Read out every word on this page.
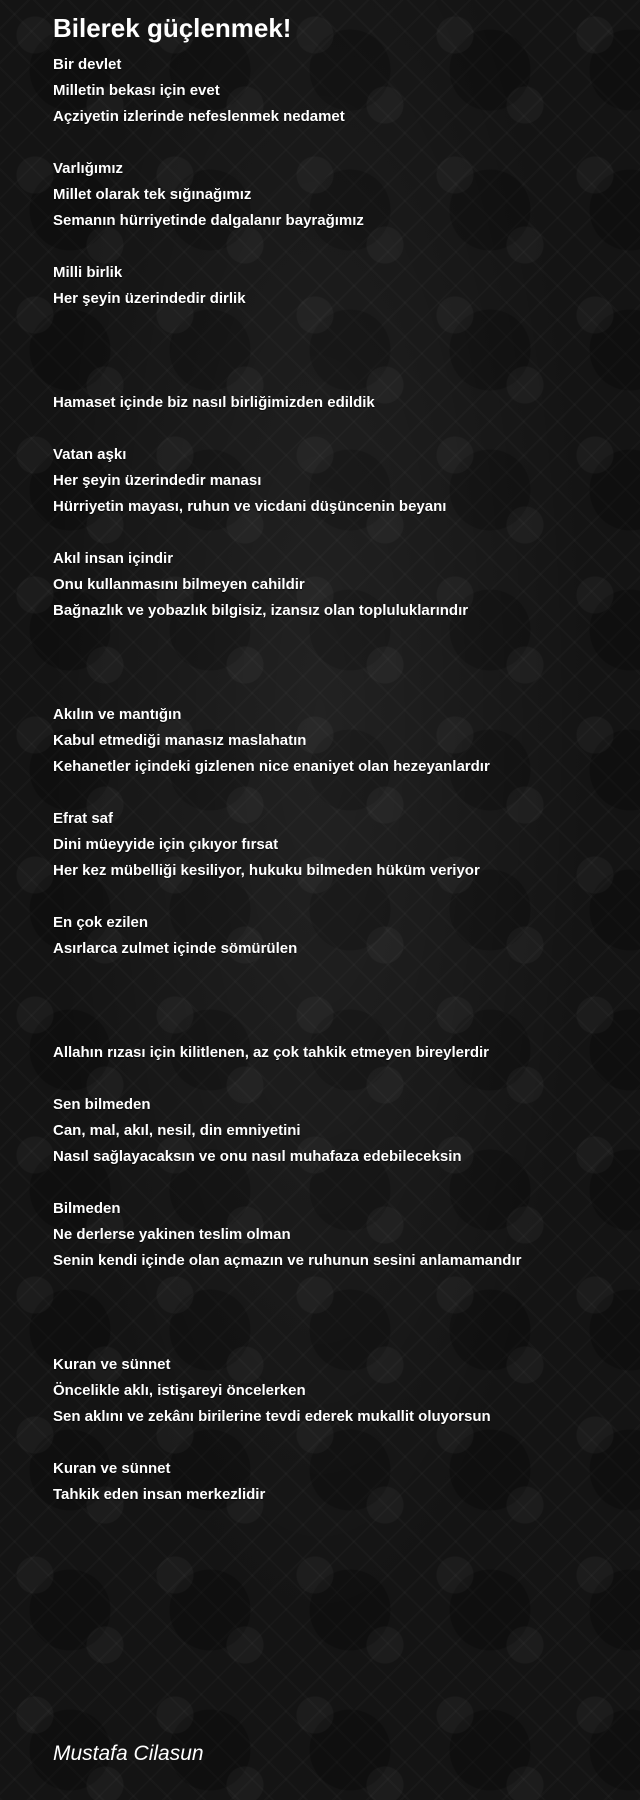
Bilerek güçlenmek!
Bir devlet
Milletin bekası için evet
Açziyetin izlerinde nefeslenmek nedamet
Varlığımız
Millet olarak tek sığınağımız
Semanın hürriyetinde dalgalanır bayrağımız
Milli birlik
Her şeyin üzerindedir dirlik
Hamaset içinde biz nasıl birliğimizden edildik
Vatan aşkı
Her şeyin üzerindedir manası
Hürriyetin mayası, ruhun ve vicdani düşüncenin beyanı
Akıl insan içindir
Onu kullanmasını bilmeyen cahildir
Bağnazlık ve yobazlık bilgisiz, izansız olan topluluklarındır
Akılın ve mantığın
Kabul etmediği manasız maslahatın
Kehanetler içindeki gizlenen nice enaniyet olan hezeyanlardır
Efrat saf
Dini müeyyide için çıkıyor fırsat
Her kez mübelliği kesiliyor, hukuku bilmeden hüküm veriyor
En çok ezilen
Asırlarca zulmet içinde sömürülen
Allahın rızası için kilitlenen, az çok tahkik etmeyen bireylerdir
Sen bilmeden
Can, mal, akıl, nesil, din emniyetini
Nasıl sağlayacaksın ve onu nasıl muhafaza edebileceksin
Bilmeden
Ne derlerse yakinen teslim olman
Senin kendi içinde olan açmazın ve ruhunun sesini anlamamandır
Kuran ve sünnet
Öncelikle aklı, istişareyi öncelerken
Sen aklını ve zekânı birilerine tevdi ederek mukallit oluyorsun
Kuran ve sünnet
Tahkik eden insan merkezlidir
Mustafa Cilasun
